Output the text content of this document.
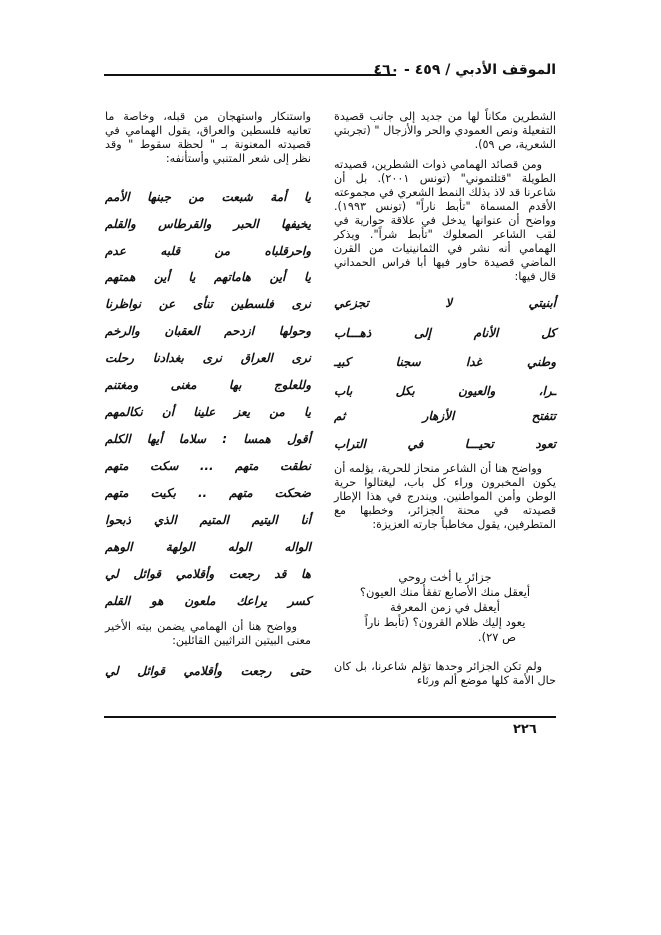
الموقف الأدبي / ٤٥٩ - ٤٦٠

الشطرين مكاناً لها من جديد إلى جانب قصيدة التفعيلة ونص العمودي والحر والأزجال " (تجربتي الشعرية، ص ٥٩).

ومن قصائد الهمامي ذوات الشطرين، قصيدته الطويلة "قتلتموني" (تونس ٢٠٠١). بل أن شاعرنا قد لاذ بذلك النمط الشعري في مجموعته الأقدم المسماة "تأبط ناراً" (تونس ١٩٩٣). وواضح أن عنوانها يدخل في علاقة حوارية في لقب الشاعر الصعلوك "تأبط شراً". ويذكر الهمامي أنه نشر في الثمانينيات من القرن الماضي قصيدة حاور فيها أبا فراس الحمداني قال فيها:

أبنيتي لا تجزعي
كل الأنام إلى ذهـــاب
وطني غدا سجنا كبيـ
ـرا، والعيون بكل باب
تتفتح الأزهار ثم
تعود تحيـــا في التراب
وواضح هنا أن الشاعر منحاز للحرية، يؤلمه أن يكون المخبرون وراء كل باب، ليغتالوا حرية الوطن وأمن المواطنين. ويندرج في هذا الإطار قصيدته في محنة الجزائر، وخطبها مع المتطرفين، يقول مخاطباً جارته العزيزة:
جزائر يا أخت روحي
أيعقل منك الأصابع تفقأ منك العيون؟
أيعقل في زمن المعرفة
يعود إليك ظلام القرون؟ (تأبط ناراً
ص ٢٧).
ولم تكن الجزائر وحدها تؤلم شاعرنا، بل كان حال الأمة كلها موضع ألم ورثاء

واستنكار واستهجان من قبله، وخاصة ما تعانيه فلسطين والعراق، يقول الهمامي في قصيدته المعنونة بـ " لحظة سقوط " وقد نظر إلى شعر المتنبي وأستأنفه:

يا أمة شبعت من جبنها الأمم
يخيفها الحبر والقرطاس والقلم
واحرقلباه من قلبه عدم
يا أين هاماتهم يا أين همتهم
نرى فلسطين تنأى عن نواظرنا
وحولها ازدحم العقبان والرخم
نرى العراق نرى بغدادنا رحلت
وللعلوج بها مغنى ومغتنم
يا من يعز علينا أن نكالمهم
أقول همسا : سلاما أيها الكلم
نطقت متهم ... سكت متهم
ضحكت متهم .. بكيت متهم
أنا اليتيم المتيم الذي ذبحوا
الواله الوله الولهة الوهم
ها قد رجعت وأقلامي قوائل لي
كسر يراعك ملعون هو القلم
وواضح هنا أن الهمامي يضمن بيته الأخير معنى البيتين التراثيين القائلين:
حتى رجعت وأقلامي قوائل لي
٢٢٦
